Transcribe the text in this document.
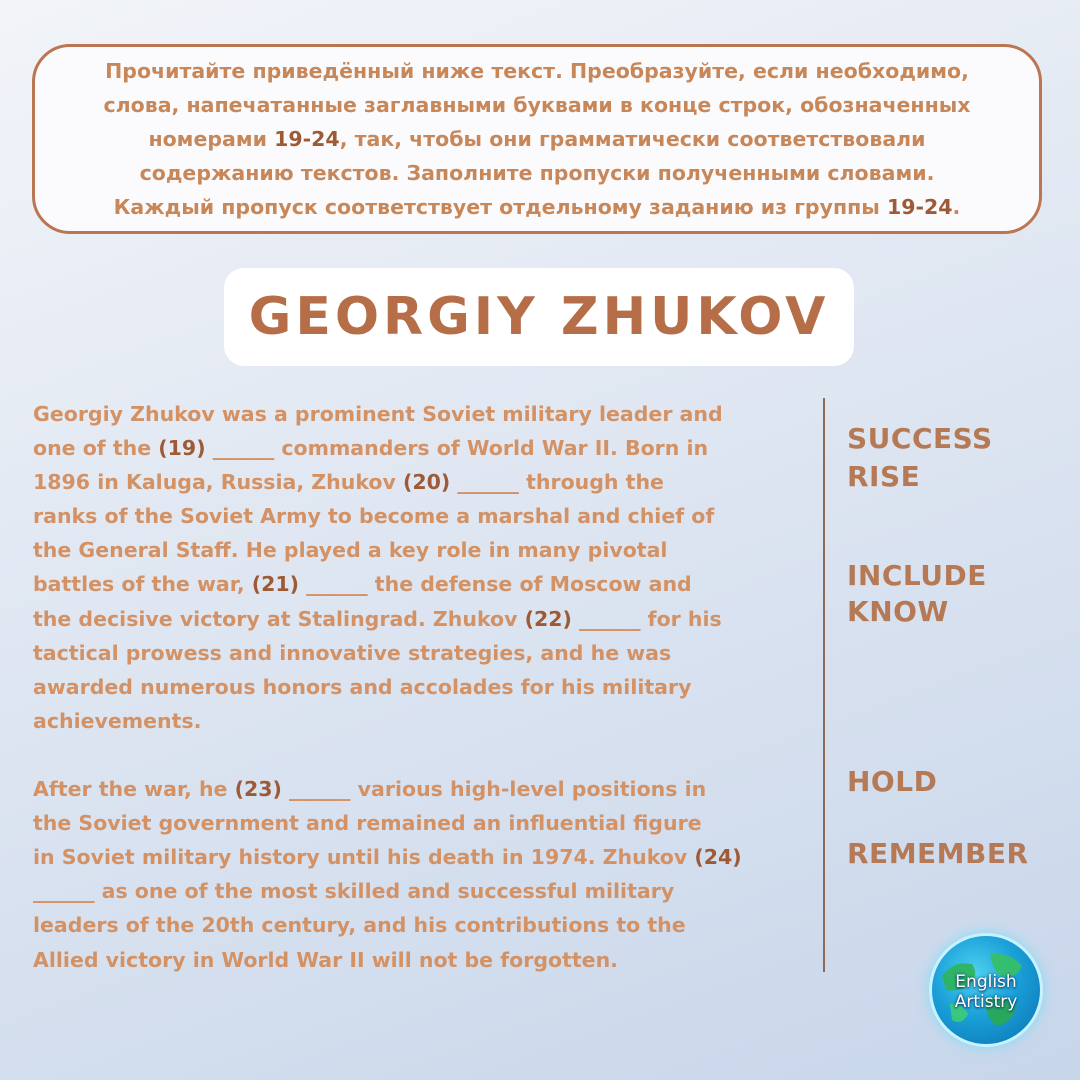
Прочитайте приведённый ниже текст. Преобразуйте, если необходимо,
слова, напечатанные заглавными буквами в конце строк, обозначенных
номерами 19-24, так, чтобы они грамматически соответствовали
содержанию текстов. Заполните пропуски полученными словами.
Каждый пропуск соответствует отдельному заданию из группы 19-24.
GEORGIY ZHUKOV
Georgiy Zhukov was a prominent Soviet military leader and
one of the (19) ______ commanders of World War II. Born in
1896 in Kaluga, Russia, Zhukov (20) ______ through the
ranks of the Soviet Army to become a marshal and chief of
the General Staff. He played a key role in many pivotal
battles of the war, (21) ______ the defense of Moscow and
the decisive victory at Stalingrad. Zhukov (22) ______ for his
tactical prowess and innovative strategies, and he was
awarded numerous honors and accolades for his military
achievements.
After the war, he (23) ______ various high-level positions in
the Soviet government and remained an influential figure
in Soviet military history until his death in 1974. Zhukov (24)
______ as one of the most skilled and successful military
leaders of the 20th century, and his contributions to the
Allied victory in World War II will not be forgotten.
SUCCESS
RISE
INCLUDE
KNOW
HOLD
REMEMBER
English
Artistry
